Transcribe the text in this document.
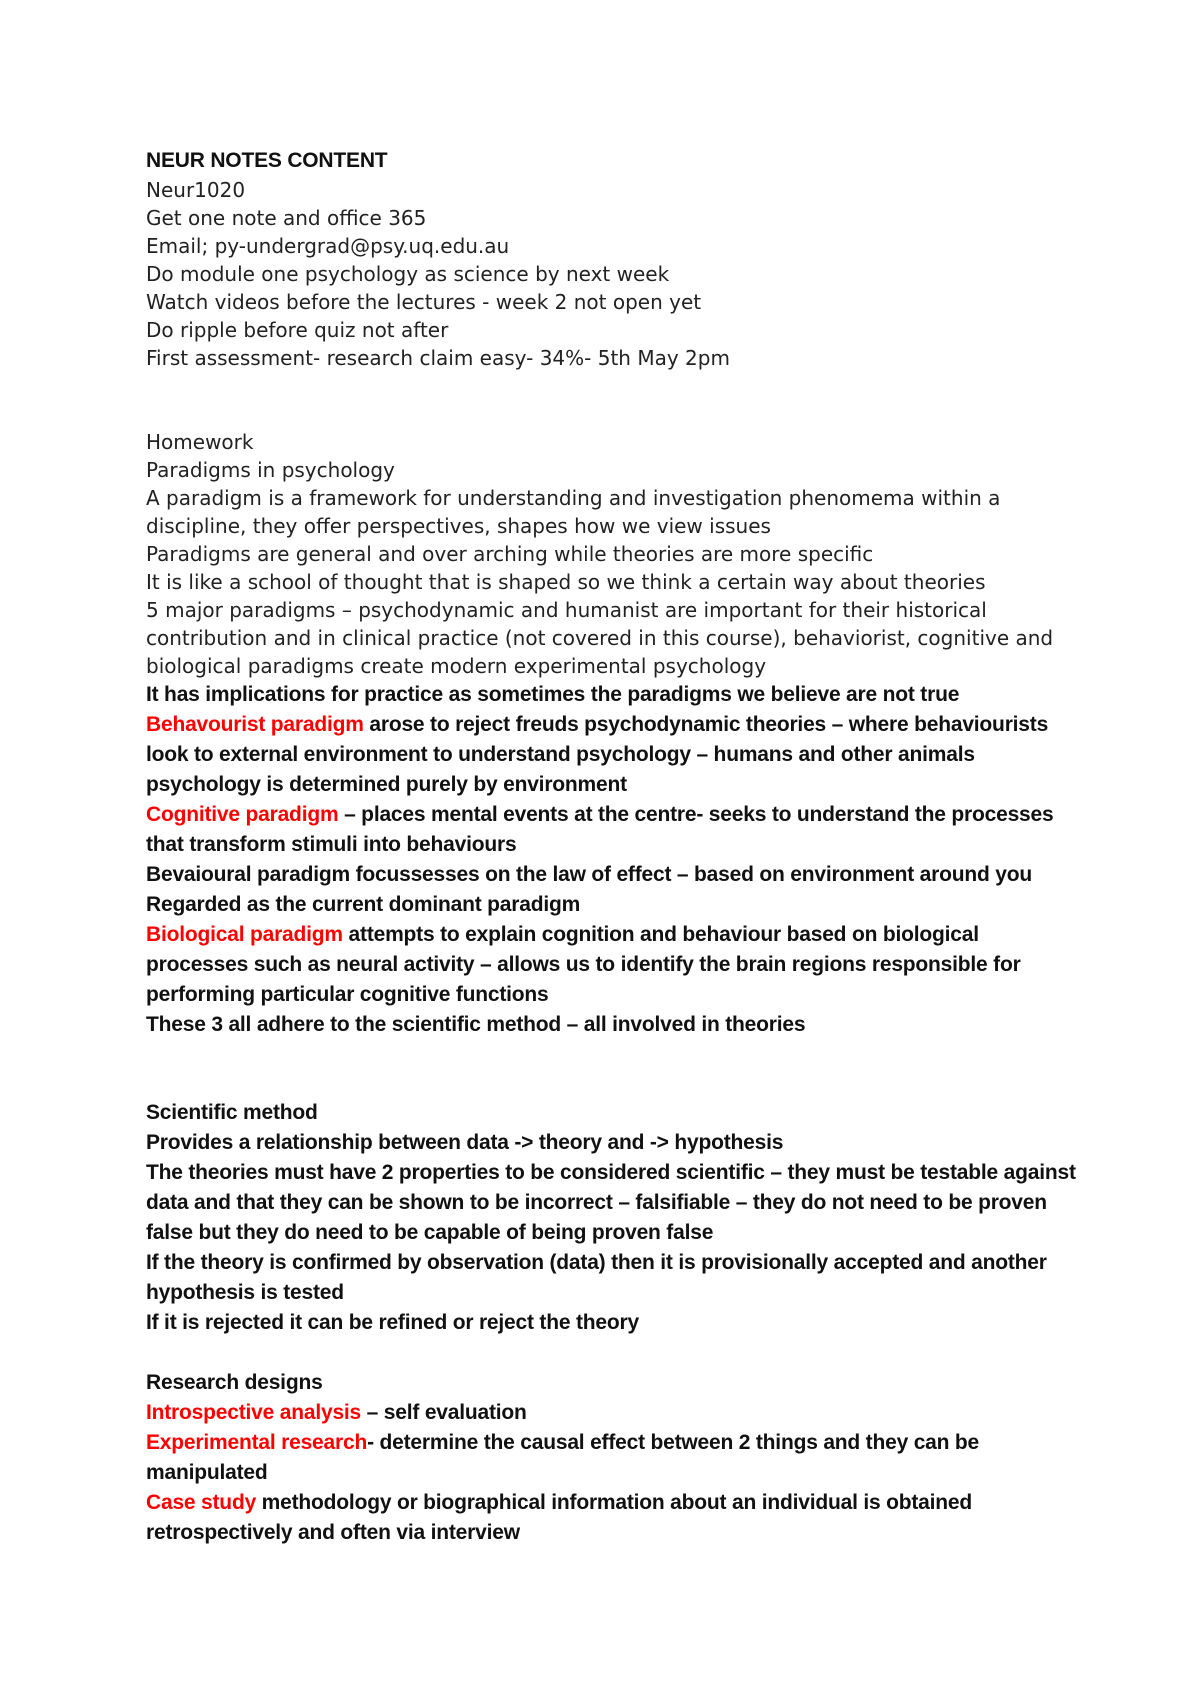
NEUR NOTES CONTENT

Neur1020

Get one note and office 365

Email; py-undergrad@psy.uq.edu.au

Do module one psychology as science by next week

Watch videos before the lectures - week 2 not open yet

Do ripple before quiz not after

First assessment- research claim easy- 34%- 5th May 2pm

Homework

Paradigms in psychology

A paradigm is a framework for understanding and investigation phenomema within a discipline, they offer perspectives, shapes how we view issues

Paradigms are general and over arching while theories are more specific

It is like a school of thought that is shaped so we think a certain way about theories

5 major paradigms – psychodynamic and humanist are important for their historical contribution and in clinical practice (not covered in this course), behaviorist, cognitive and biological paradigms create modern experimental psychology

It has implications for practice as sometimes the paradigms we believe are not true

Behavourist paradigm arose to reject freuds psychodynamic theories – where behaviourists look to external environment to understand psychology – humans and other animals psychology is determined purely by environment

Cognitive paradigm – places mental events at the centre- seeks to understand the processes that transform stimuli into behaviours

Bevaioural paradigm focussesses on the law of effect – based on environment around you

Regarded as the current dominant paradigm

Biological paradigm attempts to explain cognition and behaviour based on biological processes such as neural activity – allows us to identify the brain regions responsible for performing particular cognitive functions

These 3 all adhere to the scientific method – all involved in theories

Scientific method

Provides a relationship between data -> theory and -> hypothesis

The theories must have 2 properties to be considered scientific – they must be testable against data and that they can be shown to be incorrect – falsifiable – they do not need to be proven false but they do need to be capable of being proven false

If the theory is confirmed by observation (data) then it is provisionally accepted and another hypothesis is tested

If it is rejected it can be refined or reject the theory

Research designs

Introspective analysis – self evaluation

Experimental research- determine the causal effect between 2 things and they can be manipulated

Case study methodology or biographical information about an individual is obtained retrospectively and often via interview
